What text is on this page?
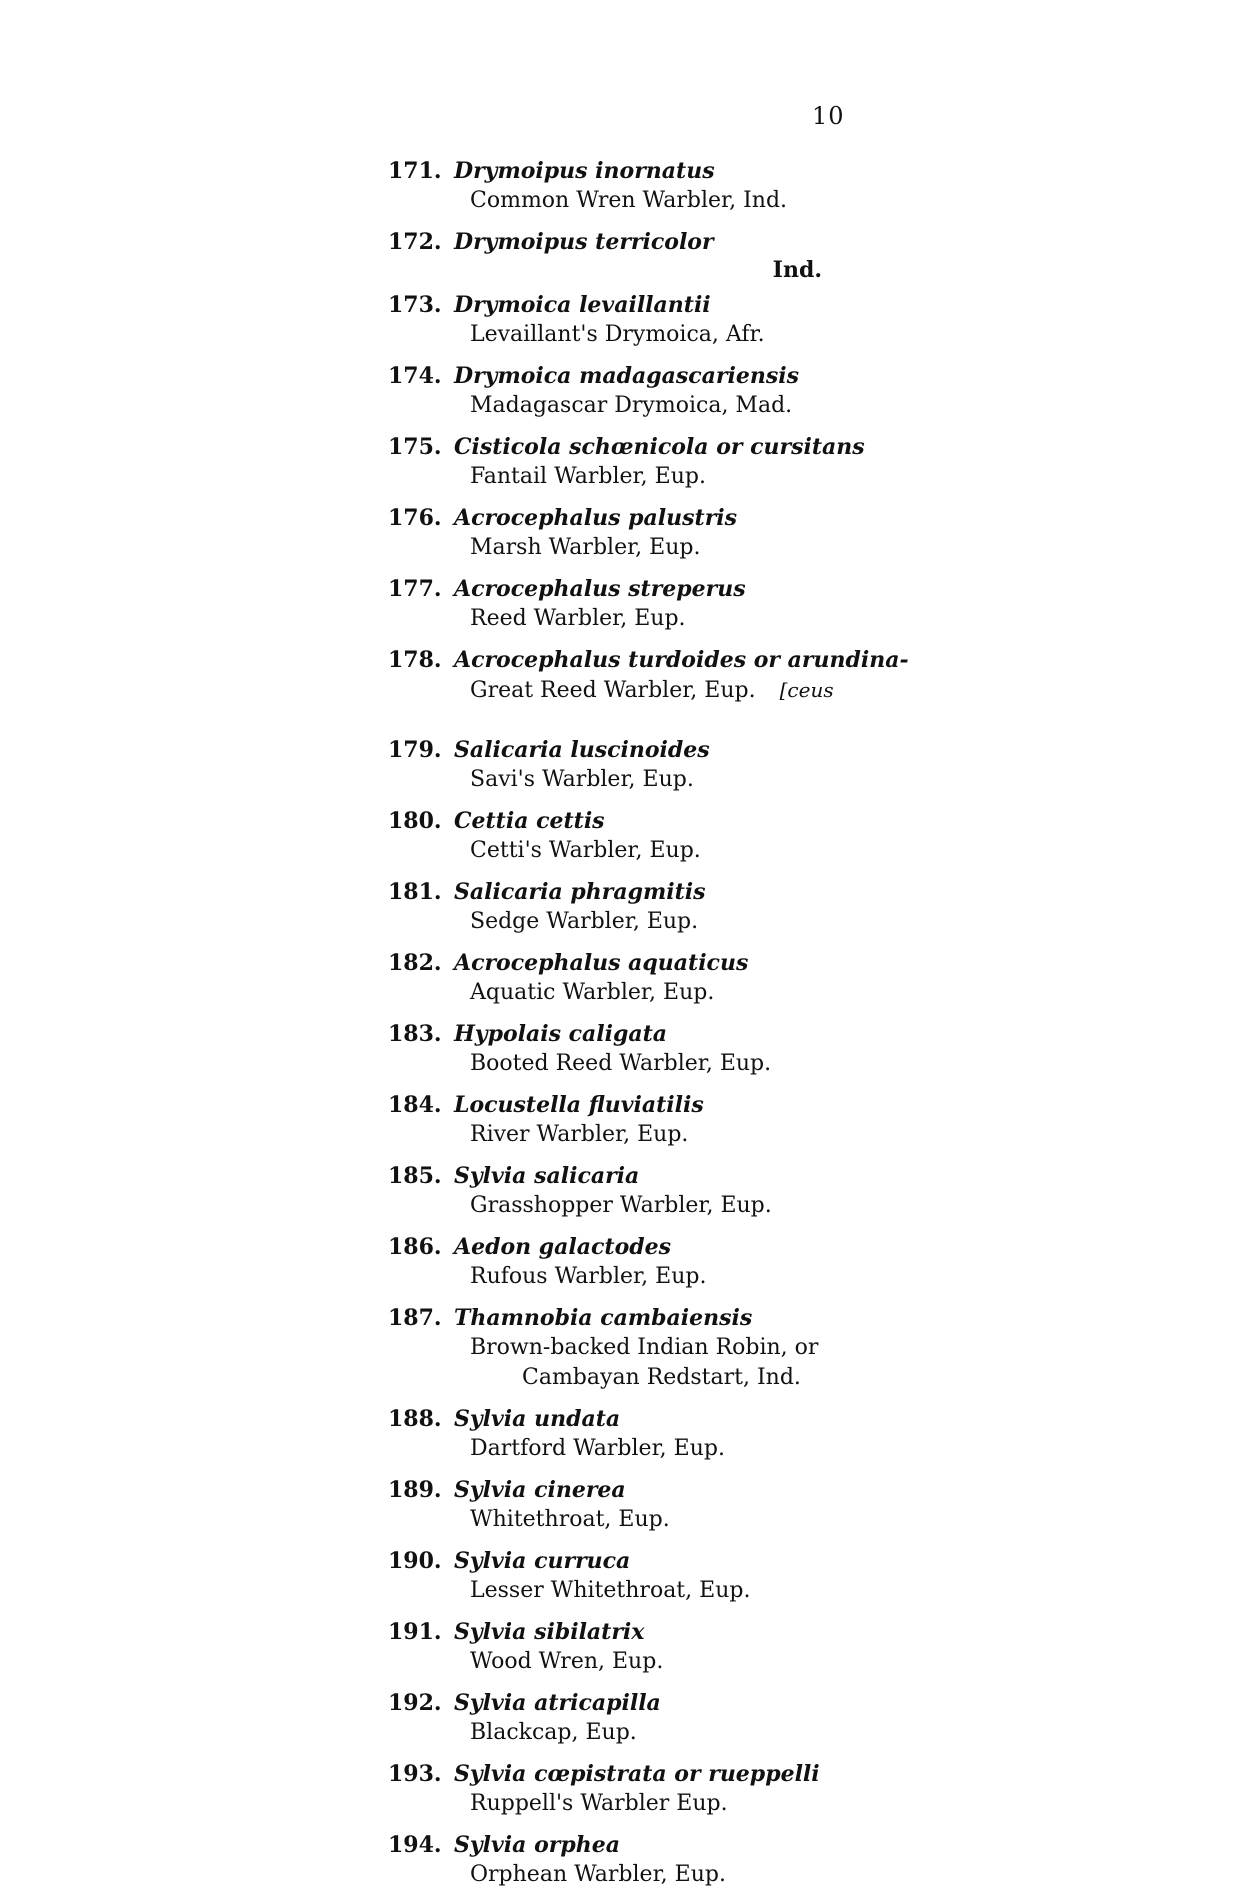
10
171. Drymoipus inornatus
Common Wren Warbler, Ind.
172. Drymoipus terricolor
Ind.
173. Drymoica levaillantii
Levaillant's Drymoica, Afr.
174. Drymoica madagascariensis
Madagascar Drymoica, Mad.
175. Cisticola schœnicola or cursitans
Fantail Warbler, Eup.
176. Acrocephalus palustris
Marsh Warbler, Eup.
177. Acrocephalus streperus
Reed Warbler, Eup.
178. Acrocephalus turdoides or arundina-
Great Reed Warbler, Eup. [ceus
179. Salicaria luscinoides
Savi's Warbler, Eup.
180. Cettia cettis
Cetti's Warbler, Eup.
181. Salicaria phragmitis
Sedge Warbler, Eup.
182. Acrocephalus aquaticus
Aquatic Warbler, Eup.
183. Hypolais caligata
Booted Reed Warbler, Eup.
184. Locustella fluviatilis
River Warbler, Eup.
185. Sylvia salicaria
Grasshopper Warbler, Eup.
186. Aedon galactodes
Rufous Warbler, Eup.
187. Thamnobia cambaiensis
Brown-backed Indian Robin, or
Cambayan Redstart, Ind.
188. Sylvia undata
Dartford Warbler, Eup.
189. Sylvia cinerea
Whitethroat, Eup.
190. Sylvia curruca
Lesser Whitethroat, Eup.
191. Sylvia sibilatrix
Wood Wren, Eup.
192. Sylvia atricapilla
Blackcap, Eup.
193. Sylvia cœpistrata or rueppelli
Ruppell's Warbler Eup.
194. Sylvia orphea
Orphean Warbler, Eup.
